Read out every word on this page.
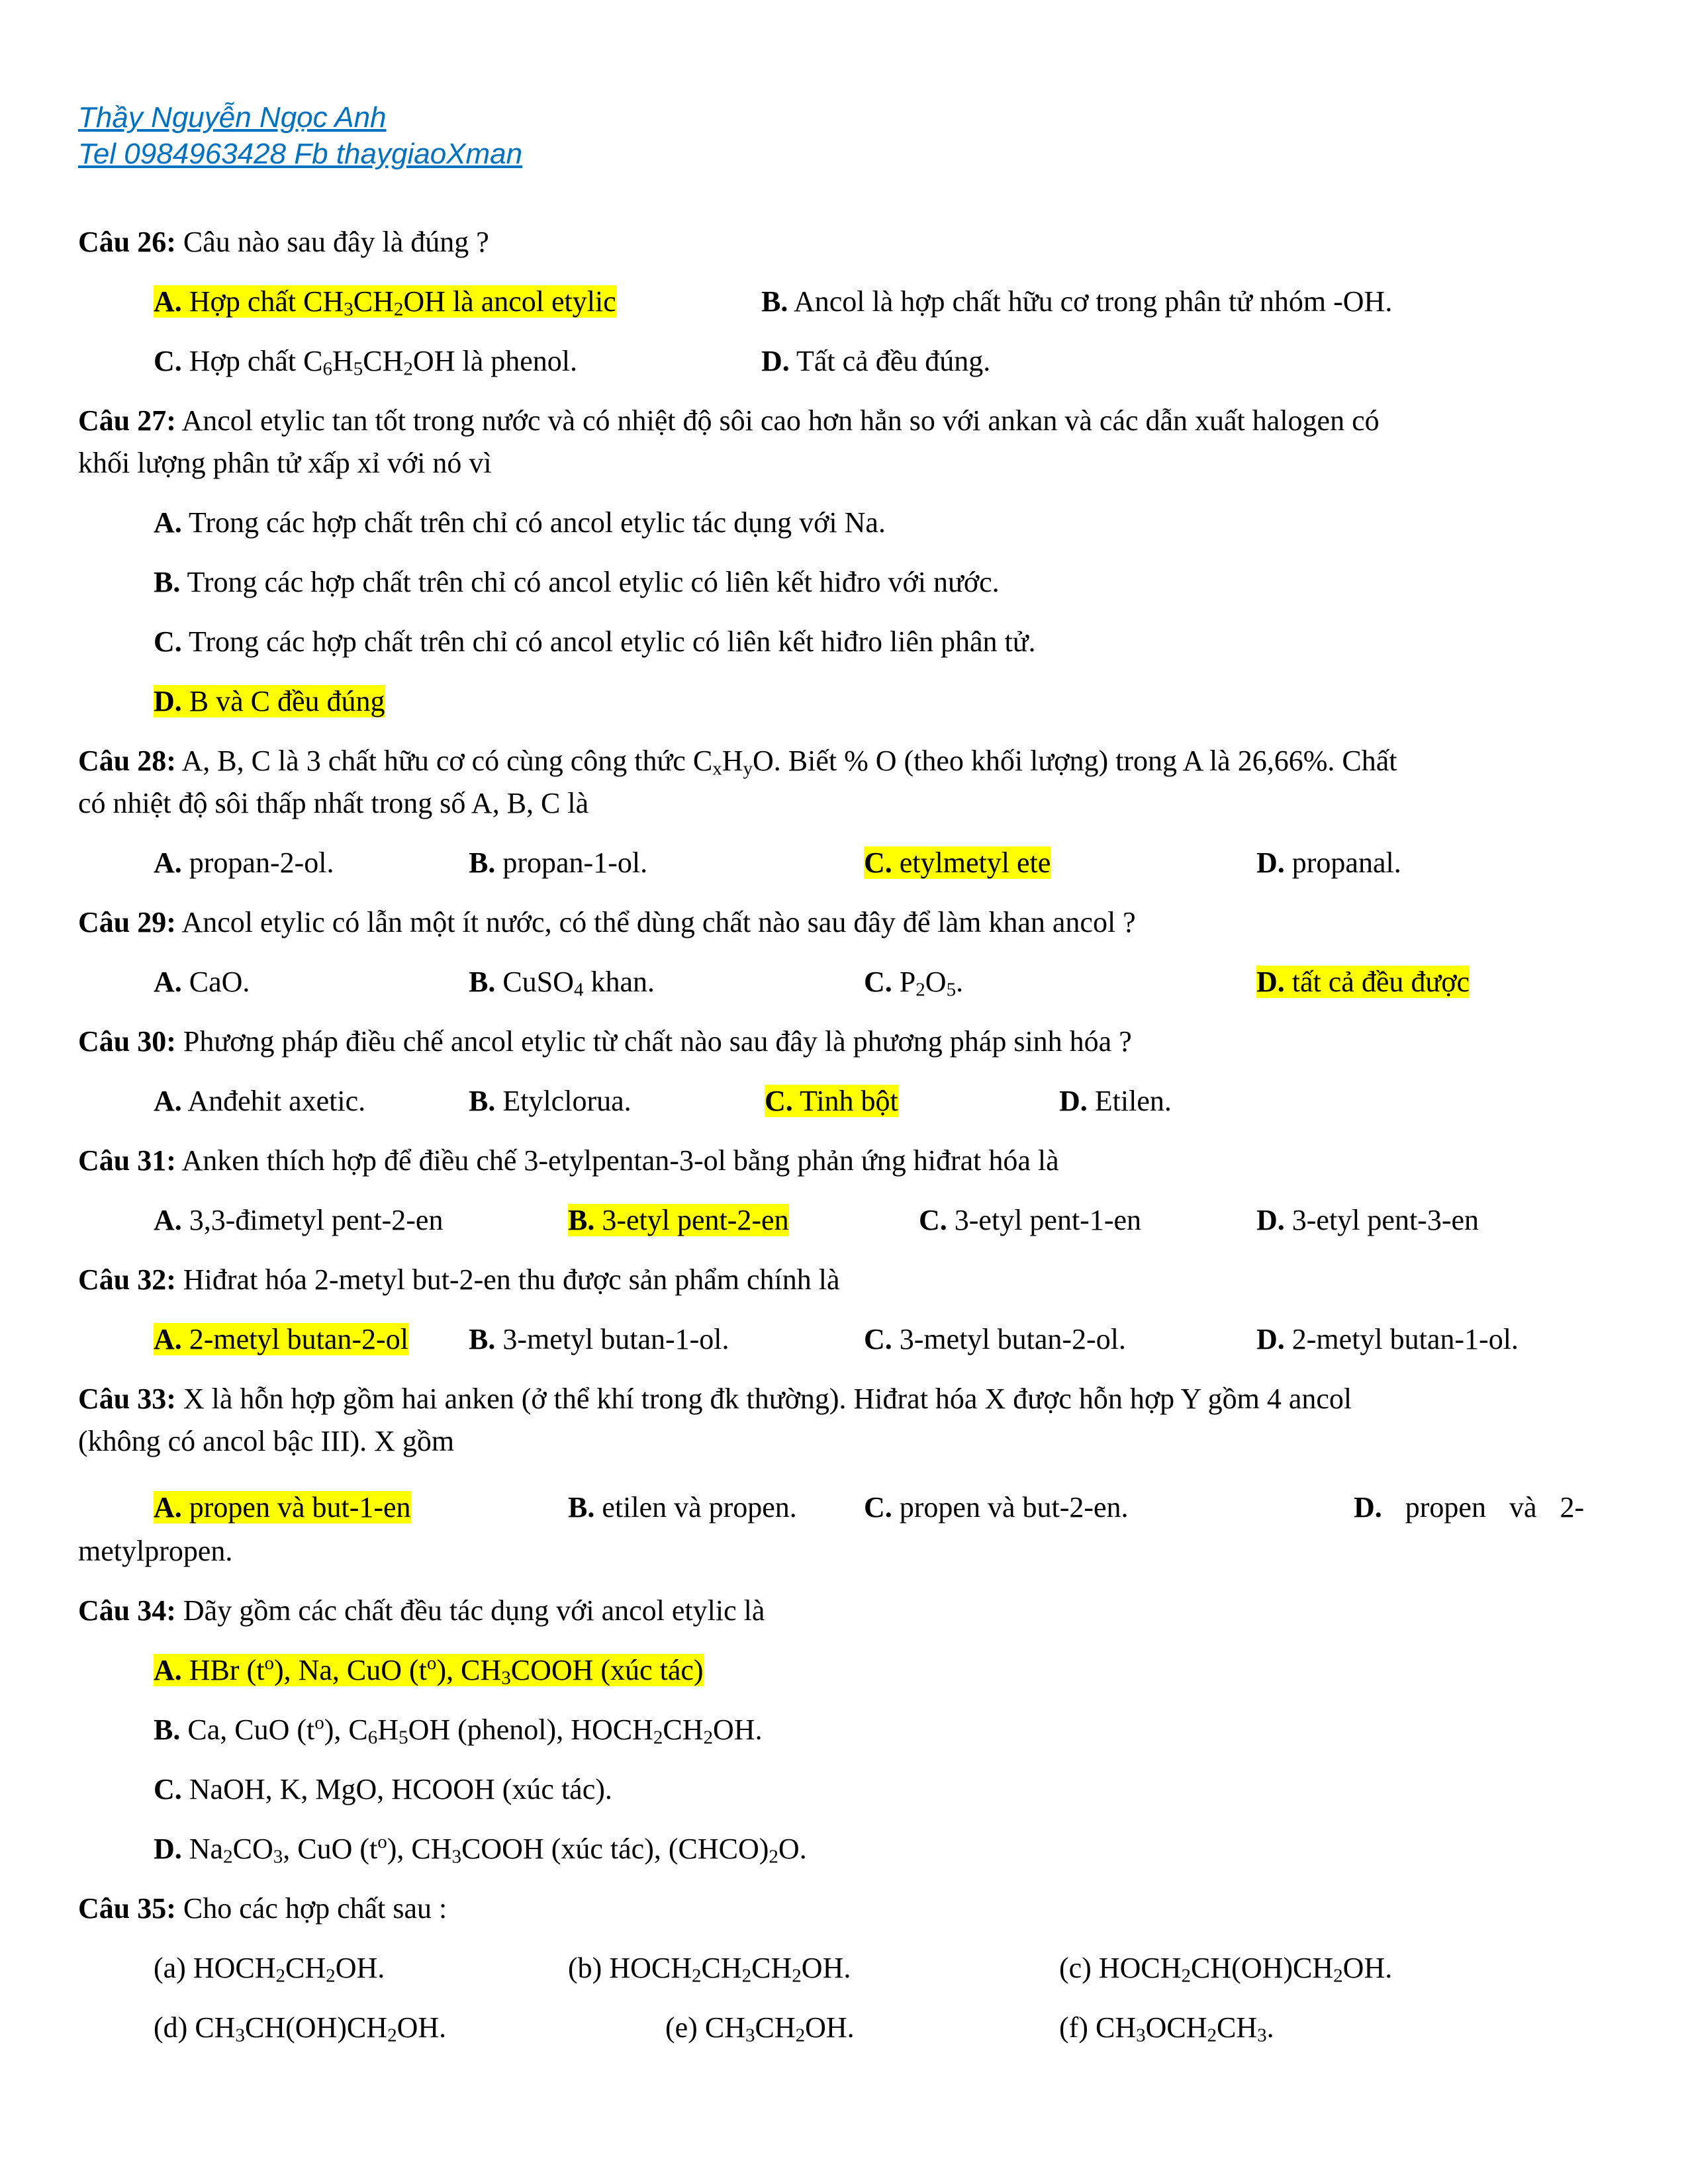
Thầy Nguyễn Ngọc Anh
Tel 0984963428 Fb thaygiaoXman
Câu 26: Câu nào sau đây là đúng ?
A. Hợp chất $CH_3CH_2OH$ là ancol etylic	B. Ancol là hợp chất hữu cơ trong phân tử nhóm -OH.
C. Hợp chất $C_6H_5CH_2OH$ là phenol.	D. Tất cả đều đúng.
Câu 27: Ancol etylic tan tốt trong nước và có nhiệt độ sôi cao hơn hẳn so với ankan và các dẫn xuất halogen có
khối lượng phân tử xấp xỉ với nó vì
A. Trong các hợp chất trên chỉ có ancol etylic tác dụng với Na.
B. Trong các hợp chất trên chỉ có ancol etylic có liên kết hiđro với nước.
C. Trong các hợp chất trên chỉ có ancol etylic có liên kết hiđro liên phân tử.
D. B và C đều đúng
Câu 28: A, B, C là 3 chất hữu cơ có cùng công thức $C_xH_yO$. Biết % O (theo khối lượng) trong A là 26,66%. Chất
có nhiệt độ sôi thấp nhất trong số A, B, C là
A. propan-2-ol.	B. propan-1-ol.	C. etylmetyl ete	D. propanal.
Câu 29: Ancol etylic có lẫn một ít nước, có thể dùng chất nào sau đây để làm khan ancol ?
A. CaO.	B. CuSO$_4$ khan.	C. $P_2O_5$.	D. tất cả đều được
Câu 30: Phương pháp điều chế ancol etylic từ chất nào sau đây là phương pháp sinh hóa ?
A. Anđehit axetic.	B. Etylclorua.	C. Tinh bột	D. Etilen.
Câu 31: Anken thích hợp để điều chế 3-etylpentan-3-ol bằng phản ứng hiđrat hóa là
A. 3,3-đimetyl pent-2-en	B. 3-etyl pent-2-en	C. 3-etyl pent-1-en	D. 3-etyl pent-3-en
Câu 32: Hiđrat hóa 2-metyl but-2-en thu được sản phẩm chính là
A. 2-metyl butan-2-ol B. 3-metyl butan-1-ol.	C. 3-metyl butan-2-ol.	D. 2-metyl butan-1-ol.
Câu 33: X là hỗn hợp gồm hai anken (ở thể khí trong đk thường). Hiđrat hóa X được hỗn hợp Y gồm 4 ancol
(không có ancol bậc III). X gồm
A. propen và but-1-en	B. etilen và propen. C. propen và but-2-en.	D. propen và 2-
metylpropen.
Câu 34: Dãy gồm các chất đều tác dụng với ancol etylic là
A. HBr $(t^o)$, Na, CuO $(t^o)$, $CH_3COOH$ (xúc tác)
B. Ca, CuO $(t^o)$, $C_6H_5OH$ (phenol), $HOCH_2CH_2OH$.
C. NaOH, K, MgO, HCOOH (xúc tác).
D. $Na_2CO_3$, CuO $(t^o)$, $CH_3COOH$ (xúc tác), $(CHCO)_2O$.
Câu 35: Cho các hợp chất sau :
(a) $HOCH_2CH_2OH$.	(b) $HOCH_2CH_2CH_2OH$.	(c) $HOCH_2CH(OH)CH_2OH$.
(d) $CH_3CH(OH)CH_2OH$.	(e) $CH_3CH_2OH$.	(f) $CH_3OCH_2CH_3$.
